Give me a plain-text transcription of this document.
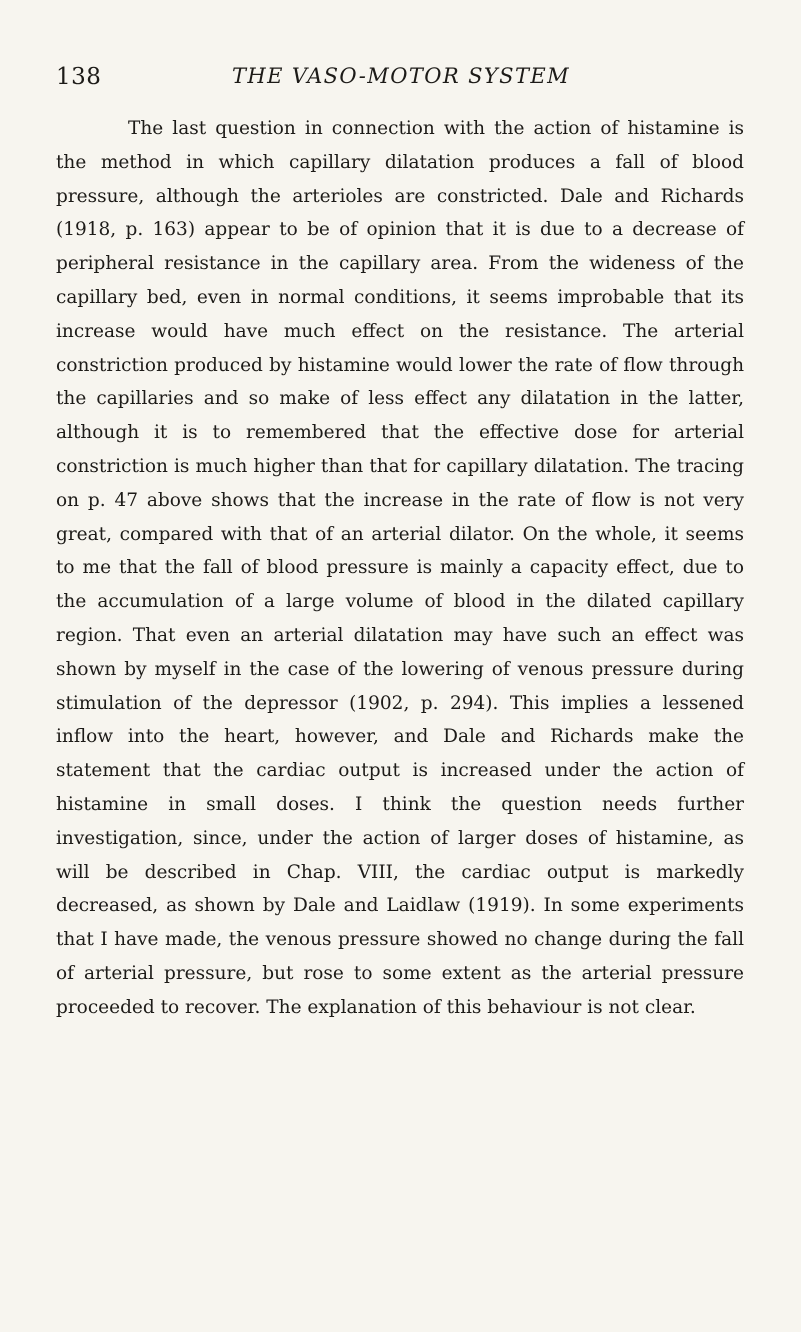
138	THE VASO-MOTOR SYSTEM

The last question in connection with the action of histamine is the method in which capillary dilatation produces a fall of blood pressure, although the arterioles are constricted. Dale and Richards (1918, p. 163) appear to be of opinion that it is due to a decrease of peripheral resistance in the capillary area. From the wideness of the capillary bed, even in normal conditions, it seems improbable that its increase would have much effect on the resistance. The arterial constriction produced by histamine would lower the rate of flow through the capillaries and so make of less effect any dilatation in the latter, although it is to remembered that the effective dose for arterial constriction is much higher than that for capillary dilatation. The tracing on p. 47 above shows that the increase in the rate of flow is not very great, compared with that of an arterial dilator. On the whole, it seems to me that the fall of blood pressure is mainly a capacity effect, due to the accumulation of a large volume of blood in the dilated capillary region. That even an arterial dilatation may have such an effect was shown by myself in the case of the lowering of venous pressure during stimulation of the depressor (1902, p. 294). This implies a lessened inflow into the heart, however, and Dale and Richards make the statement that the cardiac output is increased under the action of histamine in small doses. I think the question needs further investigation, since, under the action of larger doses of histamine, as will be described in Chap. VIII, the cardiac output is markedly decreased, as shown by Dale and Laidlaw (1919). In some experiments that I have made, the venous pressure showed no change during the fall of arterial pressure, but rose to some extent as the arterial pressure proceeded to recover. The explanation of this behaviour is not clear.
